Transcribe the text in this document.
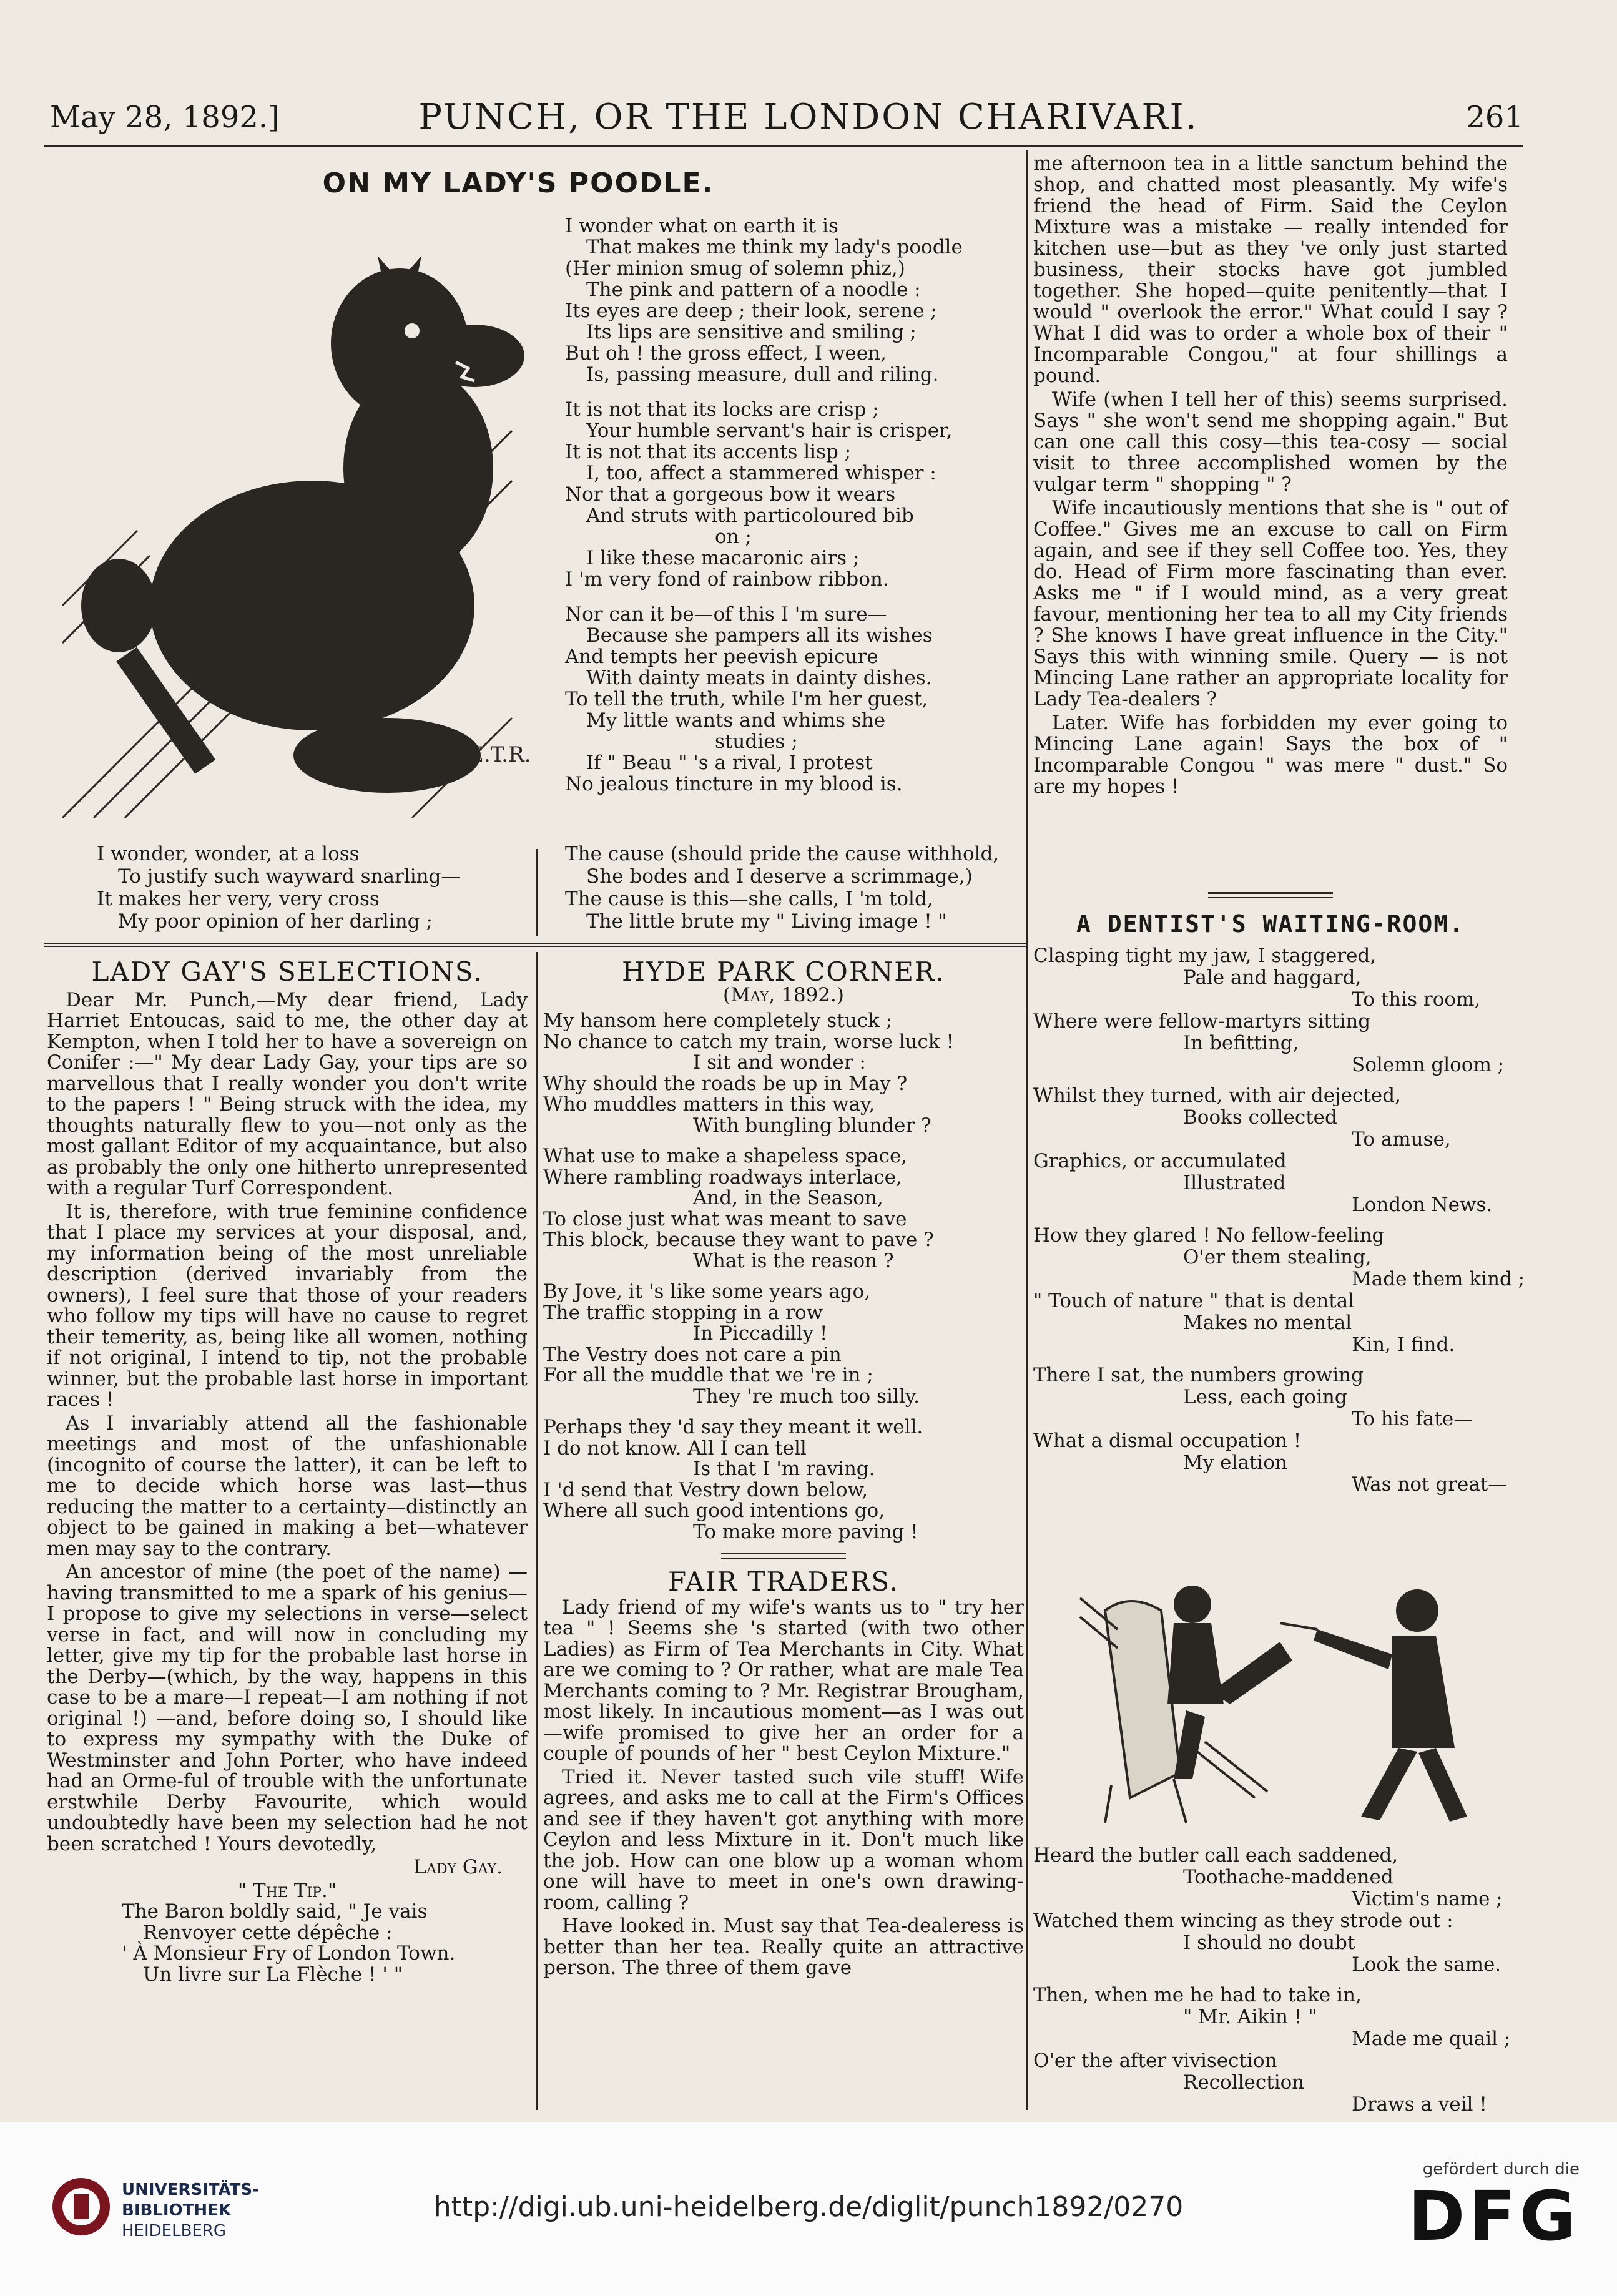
May 28, 1892.]	PUNCH, OR THE LONDON CHARIVARI.	261
E.T.R.
ON MY LADY'S POODLE.
I wonder what on earth it is
That makes me think my lady's poodle
(Her minion smug of solemn phiz,)
The pink and pattern of a noodle :
Its eyes are deep ; their look, serene ;
Its lips are sensitive and smiling ;
But oh ! the gross effect, I ween,
Is, passing measure, dull and riling.
It is not that its locks are crisp ;
Your humble servant's hair is crisper,
It is not that its accents lisp ;
I, too, affect a stammered whisper :
Nor that a gorgeous bow it wears
And struts with particoloured bib
on ;
I like these macaronic airs ;
I 'm very fond of rainbow ribbon.
Nor can it be—of this I 'm sure—
Because she pampers all its wishes
And tempts her peevish epicure
With dainty meats in dainty dishes.
To tell the truth, while I'm her guest,
My little wants and whims she
studies ;
If " Beau " 's a rival, I protest
No jealous tincture in my blood is.
I wonder, wonder, at a loss
To justify such wayward snarling—
It makes her very, very cross
My poor opinion of her darling ;
The cause (should pride the cause withhold,
She bodes and I deserve a scrimmage,)
The cause is this—she calls, I 'm told,
The little brute my " Living image ! "

me afternoon tea in a little sanctum behind the shop, and chatted most pleasantly. My wife's friend the head of Firm. Said the Ceylon Mixture was a mistake — really intended for kitchen use—but as they 've only just started business, their stocks have got jumbled together. She hoped—quite penitently—that I would " overlook the error." What could I say ? What I did was to order a whole box of their " Incomparable Congou," at four shillings a pound.

Wife (when I tell her of this) seems surprised. Says " she won't send me shopping again." But can one call this cosy—this tea-cosy — social visit to three accomplished women by the vulgar term " shopping " ?

Wife incautiously mentions that she is " out of Coffee." Gives me an excuse to call on Firm again, and see if they sell Coffee too. Yes, they do. Head of Firm more fascinating than ever. Asks me " if I would mind, as a very great favour, mentioning her tea to all my City friends ? She knows I have great influence in the City." Says this with winning smile. Query — is not Mincing Lane rather an appropriate locality for Lady Tea-dealers ?

Later. Wife has forbidden my ever going to Mincing Lane again! Says the box of " Incomparable Congou " was mere " dust." So are my hopes !

A DENTIST'S WAITING-ROOM.
Clasping tight my jaw, I staggered,
Pale and haggard,
To this room,
Where were fellow-martyrs sitting
In befitting,
Solemn gloom ;
Whilst they turned, with air dejected,
Books collected
To amuse,
Graphics, or accumulated
Illustrated
London News.
How they glared ! No fellow-feeling
O'er them stealing,
Made them kind ;
" Touch of nature " that is dental
Makes no mental
Kin, I find.
There I sat, the numbers growing
Less, each going
To his fate—
What a dismal occupation !
My elation
Was not great—
Heard the butler call each saddened,
Toothache-maddened
Victim's name ;
Watched them wincing as they strode out :
I should no doubt
Look the same.
Then, when me he had to take in,
" Mr. Aikin ! "
Made me quail ;
O'er the after vivisection
Recollection
Draws a veil !
LADY GAY'S SELECTIONS.

Dear Mr. Punch,—My dear friend, Lady Harriet Entoucas, said to me, the other day at Kempton, when I told her to have a sovereign on Conifer :—" My dear Lady Gay, your tips are so marvellous that I really wonder you don't write to the papers ! " Being struck with the idea, my thoughts naturally flew to you—not only as the most gallant Editor of my acquaintance, but also as probably the only one hitherto unrepresented with a regular Turf Correspondent.

It is, therefore, with true feminine confidence that I place my services at your disposal, and, my information being of the most unreliable description (derived invariably from the owners), I feel sure that those of your readers who follow my tips will have no cause to regret their temerity, as, being like all women, nothing if not original, I intend to tip, not the probable winner, but the probable last horse in important races !

As I invariably attend all the fashionable meetings and most of the unfashionable (incognito of course the latter), it can be left to me to decide which horse was last—thus reducing the matter to a certainty—distinctly an object to be gained in making a bet—whatever men may say to the contrary.

An ancestor of mine (the poet of the name) —having transmitted to me a spark of his genius—I propose to give my selections in verse—select verse in fact, and will now in concluding my letter, give my tip for the probable last horse in the Derby—(which, by the way, happens in this case to be a mare—I repeat—I am nothing if not original !) —and, before doing so, I should like to express my sympathy with the Duke of Westminster and John Porter, who have indeed had an Orme-ful of trouble with the unfortunate erstwhile Derby Favourite, which would undoubtedly have been my selection had he not been scratched ! Yours devotedly,

Lady Gay.
" The Tip."
The Baron boldly said, " Je vais
Renvoyer cette dépêche :
' À Monsieur Fry of London Town.
Un livre sur La Flèche ! ' "
HYDE PARK CORNER.
(May, 1892.)
My hansom here completely stuck ;
No chance to catch my train, worse luck !
I sit and wonder :
Why should the roads be up in May ?
Who muddles matters in this way,
With bungling blunder ?
What use to make a shapeless space,
Where rambling roadways interlace,
And, in the Season,
To close just what was meant to save
This block, because they want to pave ?
What is the reason ?
By Jove, it 's like some years ago,
The traffic stopping in a row
In Piccadilly !
The Vestry does not care a pin
For all the muddle that we 're in ;
They 're much too silly.
Perhaps they 'd say they meant it well.
I do not know. All I can tell
Is that I 'm raving.
I 'd send that Vestry down below,
Where all such good intentions go,
To make more paving !
FAIR TRADERS.

Lady friend of my wife's wants us to " try her tea " ! Seems she 's started (with two other Ladies) as Firm of Tea Merchants in City. What are we coming to ? Or rather, what are male Tea Merchants coming to ? Mr. Registrar Brougham, most likely. In incautious moment—as I was out—wife promised to give her an order for a couple of pounds of her " best Ceylon Mixture."

Tried it. Never tasted such vile stuff! Wife agrees, and asks me to call at the Firm's Offices and see if they haven't got anything with more Ceylon and less Mixture in it. Don't much like the job. How can one blow up a woman whom one will have to meet in one's own drawing-room, calling ?

Have looked in. Must say that Tea-dealeress is better than her tea. Really quite an attractive person. The three of them gave

UNIVERSITÄTS-
BIBLIOTHEK
HEIDELBERG
http://digi.ub.uni-heidelberg.de/diglit/punch1892/0270
gefördert durch die
DFG
